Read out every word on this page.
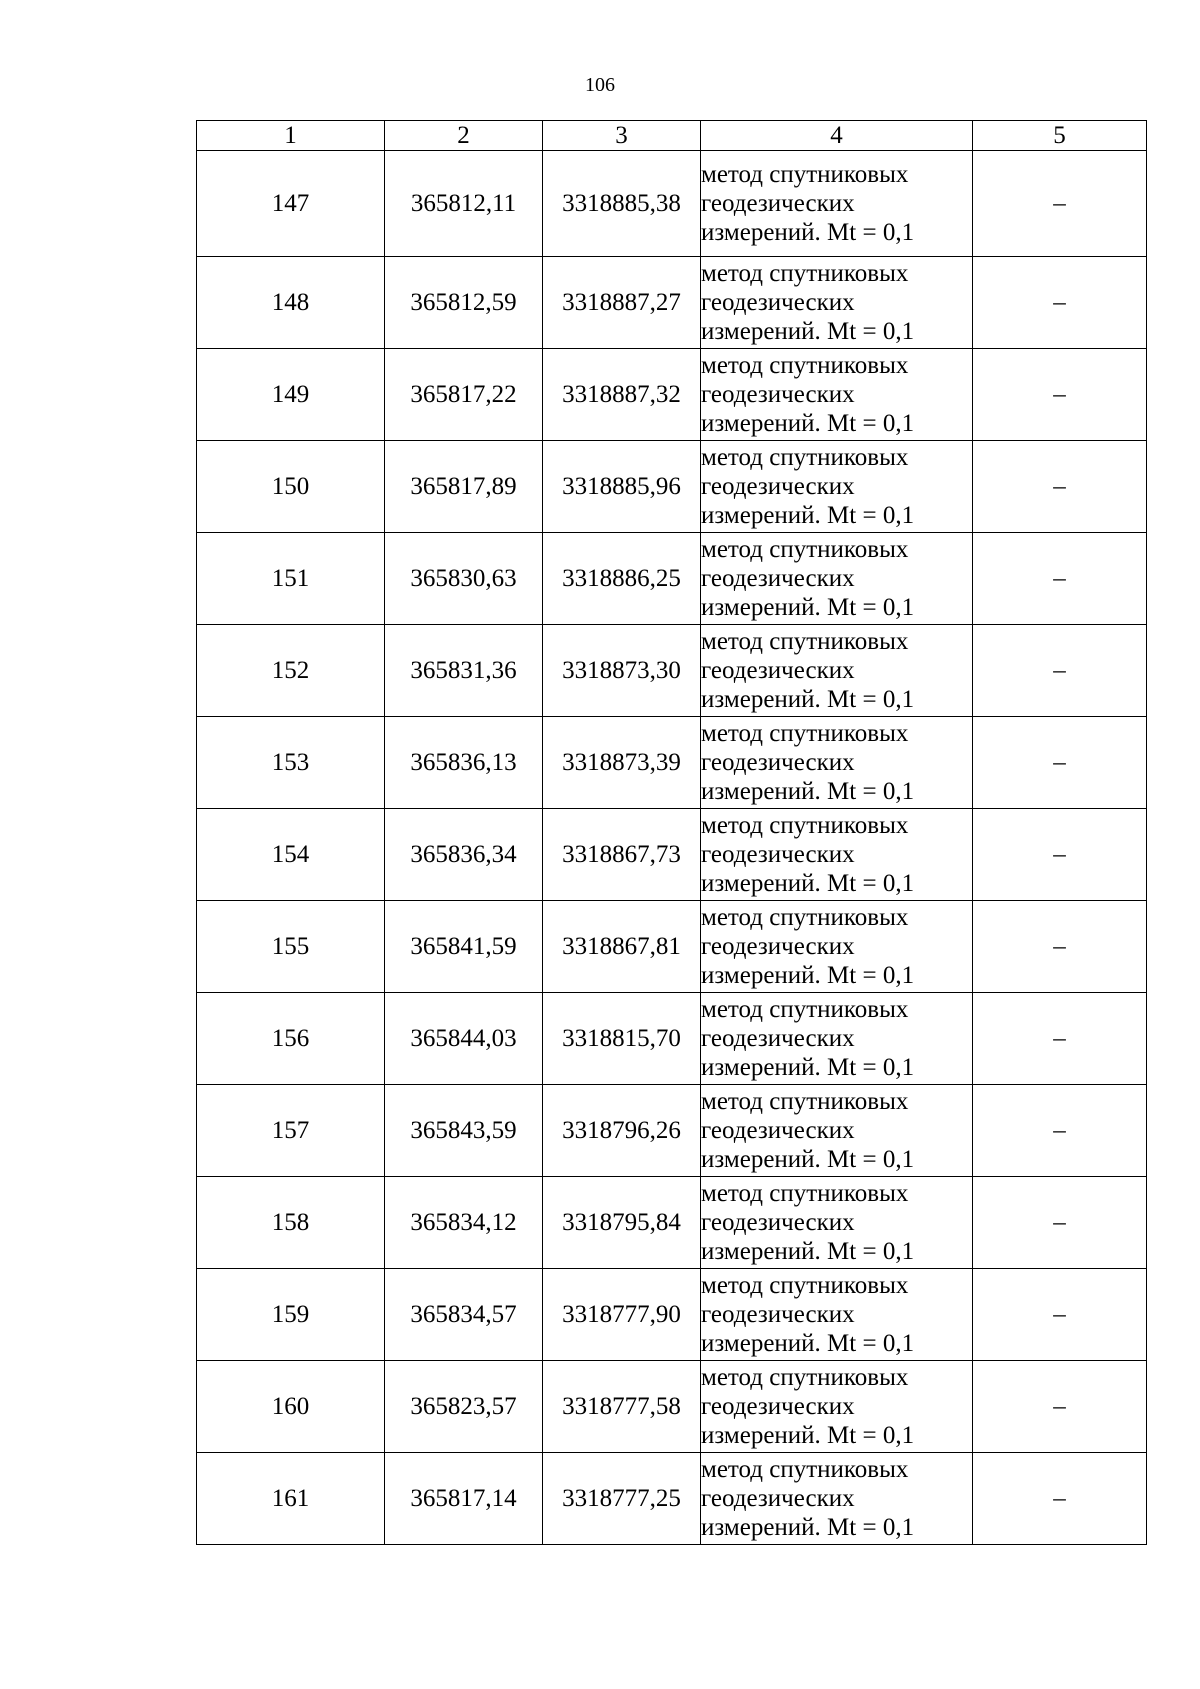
106
1	2	3	4	5
147	365812,11	3318885,38	метод спутниковых
геодезических
измерений. Mt = 0,1	–
148	365812,59	3318887,27	метод спутниковых
геодезических
измерений. Mt = 0,1	–
149	365817,22	3318887,32	метод спутниковых
геодезических
измерений. Mt = 0,1	–
150	365817,89	3318885,96	метод спутниковых
геодезических
измерений. Mt = 0,1	–
151	365830,63	3318886,25	метод спутниковых
геодезических
измерений. Mt = 0,1	–
152	365831,36	3318873,30	метод спутниковых
геодезических
измерений. Mt = 0,1	–
153	365836,13	3318873,39	метод спутниковых
геодезических
измерений. Mt = 0,1	–
154	365836,34	3318867,73	метод спутниковых
геодезических
измерений. Mt = 0,1	–
155	365841,59	3318867,81	метод спутниковых
геодезических
измерений. Mt = 0,1	–
156	365844,03	3318815,70	метод спутниковых
геодезических
измерений. Mt = 0,1	–
157	365843,59	3318796,26	метод спутниковых
геодезических
измерений. Mt = 0,1	–
158	365834,12	3318795,84	метод спутниковых
геодезических
измерений. Mt = 0,1	–
159	365834,57	3318777,90	метод спутниковых
геодезических
измерений. Mt = 0,1	–
160	365823,57	3318777,58	метод спутниковых
геодезических
измерений. Mt = 0,1	–
161	365817,14	3318777,25	метод спутниковых
геодезических
измерений. Mt = 0,1	–
